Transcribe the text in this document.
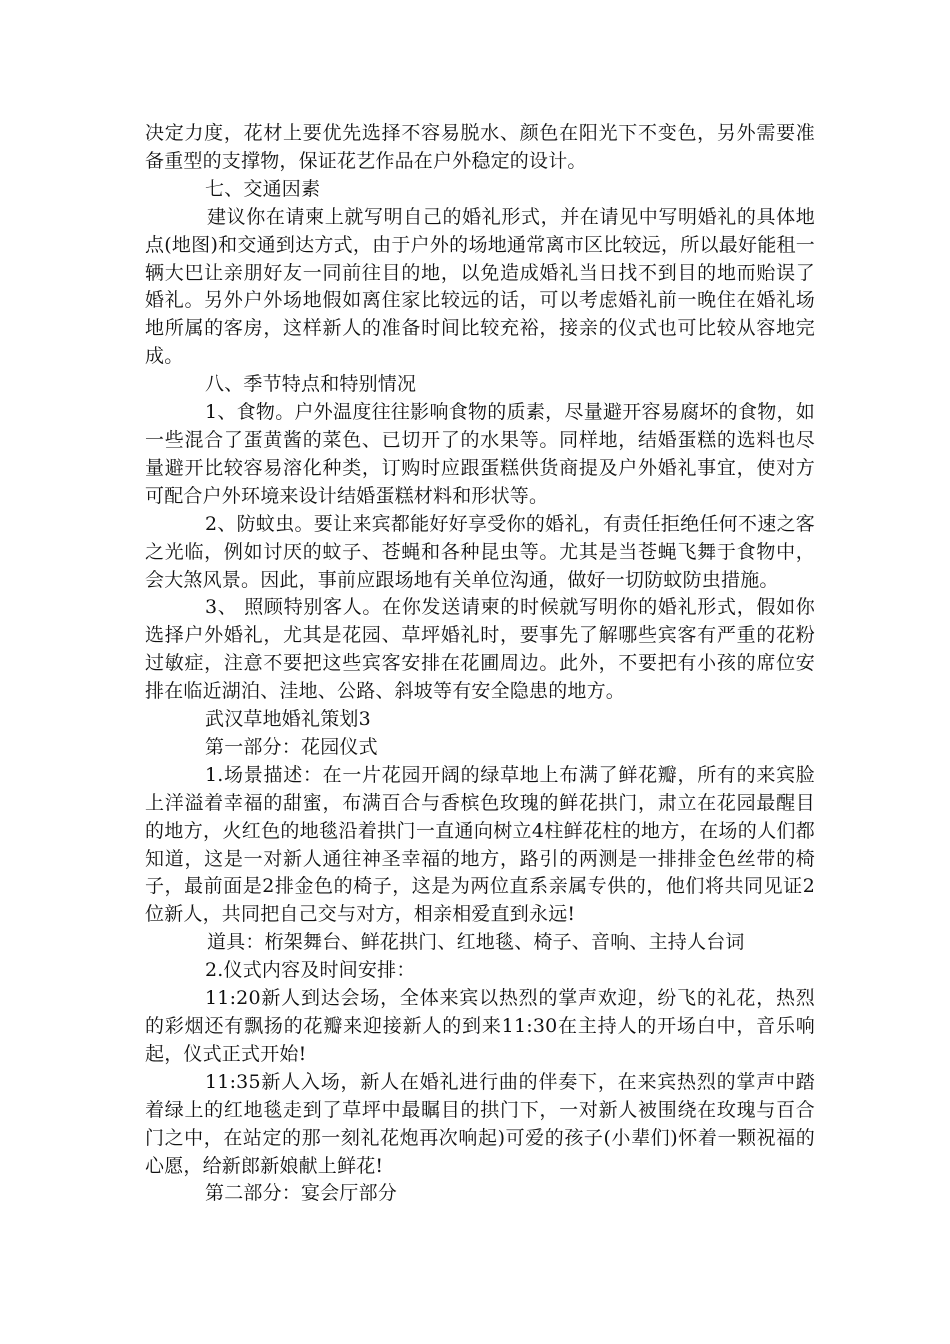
决定力度，花材上要优先选择不容易脱水、颜色在阳光下不变色，另外需要准备重型的支撑物，保证花艺作品在户外稳定的设计。

七、交通因素

建议你在请柬上就写明自己的婚礼形式，并在请见中写明婚礼的具体地点(地图)和交通到达方式，由于户外的场地通常离市区比较远，所以最好能租一辆大巴让亲朋好友一同前往目的地，以免造成婚礼当日找不到目的地而贻误了婚礼。另外户外场地假如离住家比较远的话，可以考虑婚礼前一晚住在婚礼场地所属的客房，这样新人的准备时间比较充裕，接亲的仪式也可比较从容地完成。

八、季节特点和特别情况

1、食物。户外温度往往影响食物的质素，尽量避开容易腐坏的食物，如一些混合了蛋黄酱的菜色、已切开了的水果等。同样地，结婚蛋糕的选料也尽量避开比较容易溶化种类，订购时应跟蛋糕供货商提及户外婚礼事宜，使对方可配合户外环境来设计结婚蛋糕材料和形状等。

2、防蚊虫。要让来宾都能好好享受你的婚礼，有责任拒绝任何不速之客之光临，例如讨厌的蚊子、苍蝇和各种昆虫等。尤其是当苍蝇飞舞于食物中，会大煞风景。因此，事前应跟场地有关单位沟通，做好一切防蚊防虫措施。

3、 照顾特别客人。在你发送请柬的时候就写明你的婚礼形式，假如你选择户外婚礼，尤其是花园、草坪婚礼时，要事先了解哪些宾客有严重的花粉过敏症，注意不要把这些宾客安排在花圃周边。此外，不要把有小孩的席位安排在临近湖泊、洼地、公路、斜坡等有安全隐患的地方。

武汉草地婚礼策划3

第一部分：花园仪式

1.场景描述：在一片花园开阔的绿草地上布满了鲜花瓣，所有的来宾脸上洋溢着幸福的甜蜜，布满百合与香槟色玫瑰的鲜花拱门，肃立在花园最醒目的地方，火红色的地毯沿着拱门一直通向树立4柱鲜花柱的地方，在场的人们都知道，这是一对新人通往神圣幸福的地方，路引的两测是一排排金色丝带的椅子，最前面是2排金色的椅子，这是为两位直系亲属专供的，他们将共同见证2位新人，共同把自己交与对方，相亲相爱直到永远!

道具：桁架舞台、鲜花拱门、红地毯、椅子、音响、主持人台词

2.仪式内容及时间安排：

11:20新人到达会场，全体来宾以热烈的掌声欢迎，纷飞的礼花，热烈的彩烟还有飘扬的花瓣来迎接新人的到来11:30在主持人的开场白中，音乐响起，仪式正式开始!

11:35新人入场，新人在婚礼进行曲的伴奏下，在来宾热烈的掌声中踏着绿上的红地毯走到了草坪中最瞩目的拱门下，一对新人被围绕在玫瑰与百合门之中，在站定的那一刻礼花炮再次响起)可爱的孩子(小辈们)怀着一颗祝福的心愿，给新郎新娘献上鲜花!

第二部分：宴会厅部分
